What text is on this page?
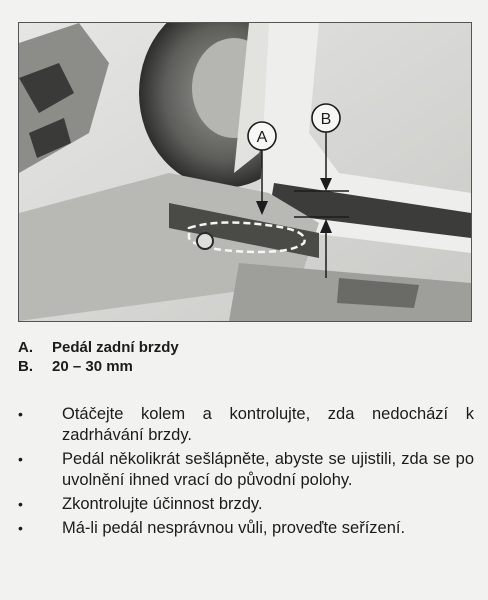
A
B
A.	Pedál zadní brzdy
B.	20 – 30 mm
•	Otáčejte kolem a kontrolujte, zda nedochází k zadrhávání brzdy.
•	Pedál několikrát sešlápněte, abyste se ujistili, zda se po uvolnění ihned vrací do původní polohy.
•	Zkontrolujte účinnost brzdy.
•	Má-li pedál nesprávnou vůli, proveďte seřízení.
